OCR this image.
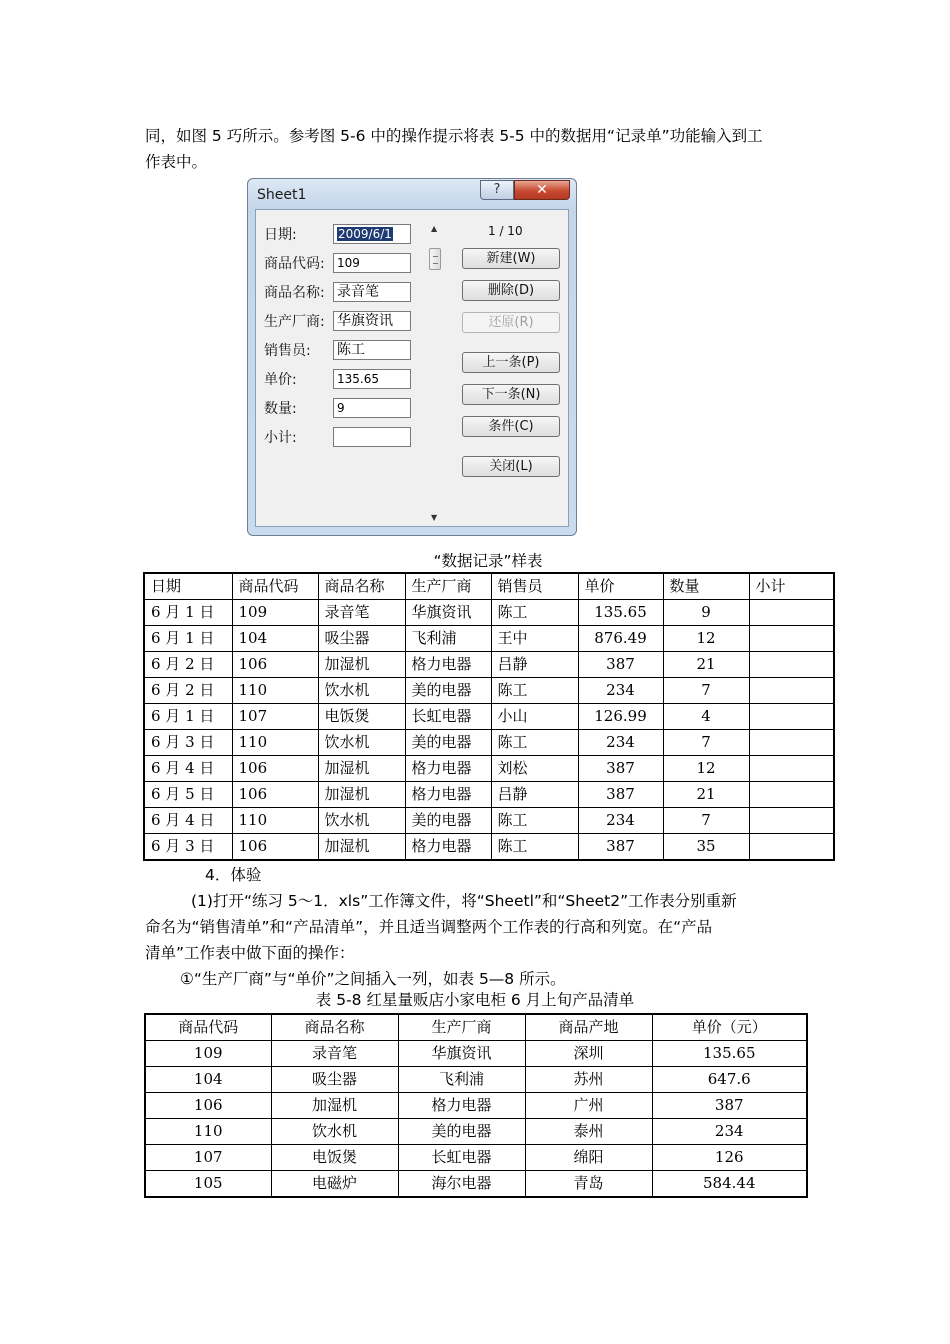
同，如图 5 巧所示。参考图 5-6 中的操作提示将表 5-5 中的数据用“记录单”功能输入到工
作表中。
Sheet1	?	✕
日期:	2009/6/1
商品代码:	109
商品名称: 录音笔
生产厂商: 华旗资讯
销售员: 陈工
单价:	135.65
数量:	9
小计:
▲
▼
1 / 10
新建(W)
删除(D)
还原(R)
上一条(P)
下一条(N)
条件(C)
关闭(L)
“数据记录”样表
日期	商品代码	商品名称	生产厂商	销售员	单价	数量	小计
6 月 1 日	109	录音笔	华旗资讯	陈工	135.65	9	
6 月 1 日	104	吸尘器	飞利浦	王中	876.49	12	
6 月 2 日	106	加湿机	格力电器	吕静	387	21	
6 月 2 日	110	饮水机	美的电器	陈工	234	7	
6 月 1 日	107	电饭煲	长虹电器	小山	126.99	4	
6 月 3 日	110	饮水机	美的电器	陈工	234	7	
6 月 4 日	106	加湿机	格力电器	刘松	387	12	
6 月 5 日	106	加湿机	格力电器	吕静	387	21	
6 月 4 日	110	饮水机	美的电器	陈工	234	7	
6 月 3 日	106	加湿机	格力电器	陈工	387	35	
4．体验
(1)打开“练习 5～1．xls”工作簿文件，将“Sheetl”和“Sheet2”工作表分别重新
命名为“销售清单”和“产品清单”，并且适当调整两个工作表的行高和列宽。在“产品
清单”工作表中做下面的操作：
①“生产厂商”与“单价”之间插入一列，如表 5—8 所示。
表 5-8 红星量贩店小家电柜 6 月上旬产品清单
商品代码	商品名称	生产厂商	商品产地	单价（元）
109	录音笔	华旗资讯	深圳	135.65
104	吸尘器	飞利浦	苏州	647.6
106	加湿机	格力电器	广州	387
110	饮水机	美的电器	泰州	234
107	电饭煲	长虹电器	绵阳	126
105	电磁炉	海尔电器	青岛	584.44
